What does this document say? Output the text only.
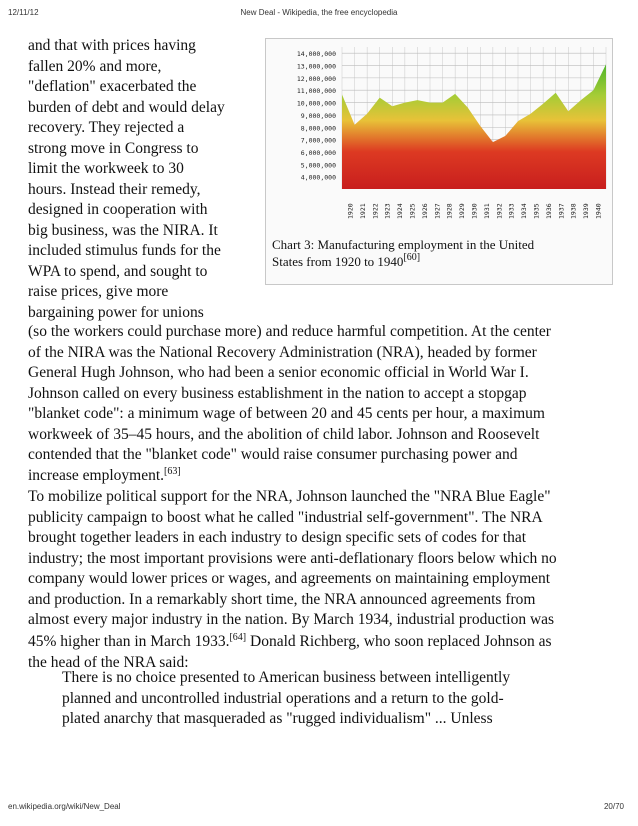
12/11/12	New Deal - Wikipedia, the free encyclopedia

and that with prices having

fallen 20% and more,

"deflation" exacerbated the

burden of debt and would delay

recovery. They rejected a

strong move in Congress to

limit the workweek to 30

hours. Instead their remedy,

designed in cooperation with

big business, was the NIRA. It

included stimulus funds for the

WPA to spend, and sought to

raise prices, give more

bargaining power for unions

4,000,000
5,000,000
6,000,000
7,000,000
8,000,000
9,000,000
10,000,000
11,000,000
12,000,000
13,000,000
14,000,000
1920 1921 1922 1923 1924 1925 1926 1927 1928 1929 1930 1931 1932 1933 1934 1935 1936 1937 1938 1939 1940
Chart 3: Manufacturing employment in the United
States from 1920 to 1940[60]

(so the workers could purchase more) and reduce harmful competition. At the center

of the NIRA was the National Recovery Administration (NRA), headed by former

General Hugh Johnson, who had been a senior economic official in World War I.

Johnson called on every business establishment in the nation to accept a stopgap

"blanket code": a minimum wage of between 20 and 45 cents per hour, a maximum

workweek of 35–45 hours, and the abolition of child labor. Johnson and Roosevelt

contended that the "blanket code" would raise consumer purchasing power and

increase employment.[63]

To mobilize political support for the NRA, Johnson launched the "NRA Blue Eagle"

publicity campaign to boost what he called "industrial self-government". The NRA

brought together leaders in each industry to design specific sets of codes for that

industry; the most important provisions were anti-deflationary floors below which no

company would lower prices or wages, and agreements on maintaining employment

and production. In a remarkably short time, the NRA announced agreements from

almost every major industry in the nation. By March 1934, industrial production was

45% higher than in March 1933.[64] Donald Richberg, who soon replaced Johnson as

the head of the NRA said:

There is no choice presented to American business between intelligently

planned and uncontrolled industrial operations and a return to the gold-

plated anarchy that masqueraded as "rugged individualism" ... Unless

en.wikipedia.org/wiki/New_Deal	20/70
